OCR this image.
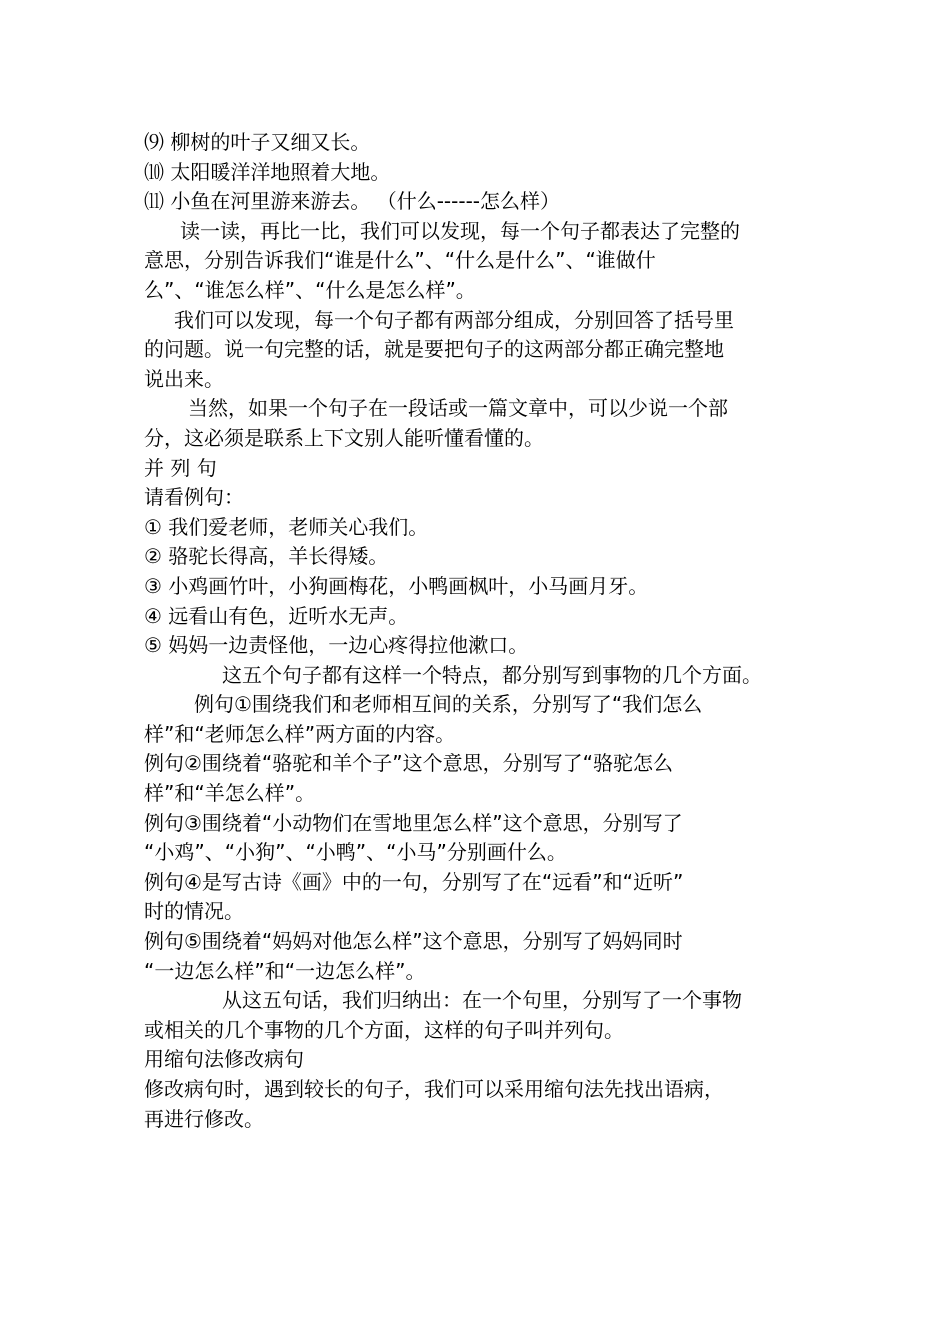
⑼ 柳树的叶子又细又长。
⑽ 太阳暖洋洋地照着大地。
⑾ 小鱼在河里游来游去。 （什么------怎么样）
读一读，再比一比，我们可以发现，每一个句子都表达了完整的
意思，分别告诉我们“谁是什么”、“什么是什么”、“谁做什
么”、“谁怎么样”、“什么是怎么样”。
我们可以发现，每一个句子都有两部分组成，分别回答了括号里
的问题。说一句完整的话，就是要把句子的这两部分都正确完整地
说出来。
当然，如果一个句子在一段话或一篇文章中，可以少说一个部
分，这必须是联系上下文别人能听懂看懂的。
并 列 句
请看例句：
① 我们爱老师，老师关心我们。
② 骆驼长得高，羊长得矮。
③ 小鸡画竹叶，小狗画梅花，小鸭画枫叶，小马画月牙。
④ 远看山有色，近听水无声。
⑤ 妈妈一边责怪他，一边心疼得拉他漱口。
这五个句子都有这样一个特点，都分别写到事物的几个方面。
例句①围绕我们和老师相互间的关系，分别写了“我们怎么
样”和“老师怎么样”两方面的内容。
例句②围绕着“骆驼和羊个子”这个意思，分别写了“骆驼怎么
样”和“羊怎么样”。
例句③围绕着“小动物们在雪地里怎么样”这个意思，分别写了
“小鸡”、“小狗”、“小鸭”、“小马”分别画什么。
例句④是写古诗《画》中的一句，分别写了在“远看”和“近听”
时的情况。
例句⑤围绕着“妈妈对他怎么样”这个意思，分别写了妈妈同时
“一边怎么样”和“一边怎么样”。
从这五句话，我们归纳出：在一个句里，分别写了一个事物
或相关的几个事物的几个方面，这样的句子叫并列句。
用缩句法修改病句
修改病句时，遇到较长的句子，我们可以采用缩句法先找出语病，
再进行修改。
